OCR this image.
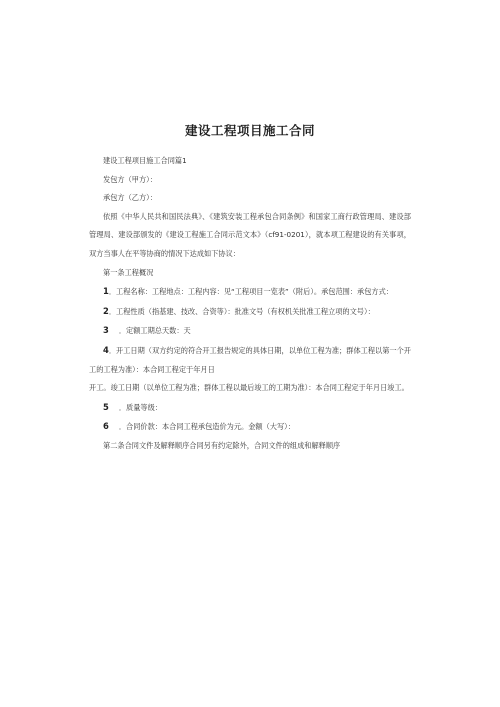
建设工程项目施工合同

建设工程项目施工合同篇1

发包方（甲方）：

承包方（乙方）：

依照《中华人民共和国民法典》、《建筑安装工程承包合同条例》和国家工商行政管理局、建设部管理局、建设部颁发的《建设工程施工合同示范文本》（cf91-0201），就本项工程建设的有关事项，双方当事人在平等协商的情况下达成如下协议：

第一条工程概况

1．工程名称：工程地点：工程内容：见“工程项目一览表”（附后）。承包范围：承包方式：

2．工程性质（指基建、技改、合资等）：批准文号（有权机关批准工程立项的文号）：

3 ．定额工期总天数：天

4．开工日期（双方约定的符合开工报告规定的具体日期，以单位工程为准；群体工程以第一个开工的工程为准）：本合同工程定于年月日

开工。竣工日期（以单位工程为准；群体工程以最后竣工的工期为准）：本合同工程定于年月日竣工。

5 ．质量等级：

6 ．合同价款：本合同工程承包造价为元。金额（大写）：

第二条合同文件及解释顺序合同另有约定除外，合同文件的组成和解释顺序
